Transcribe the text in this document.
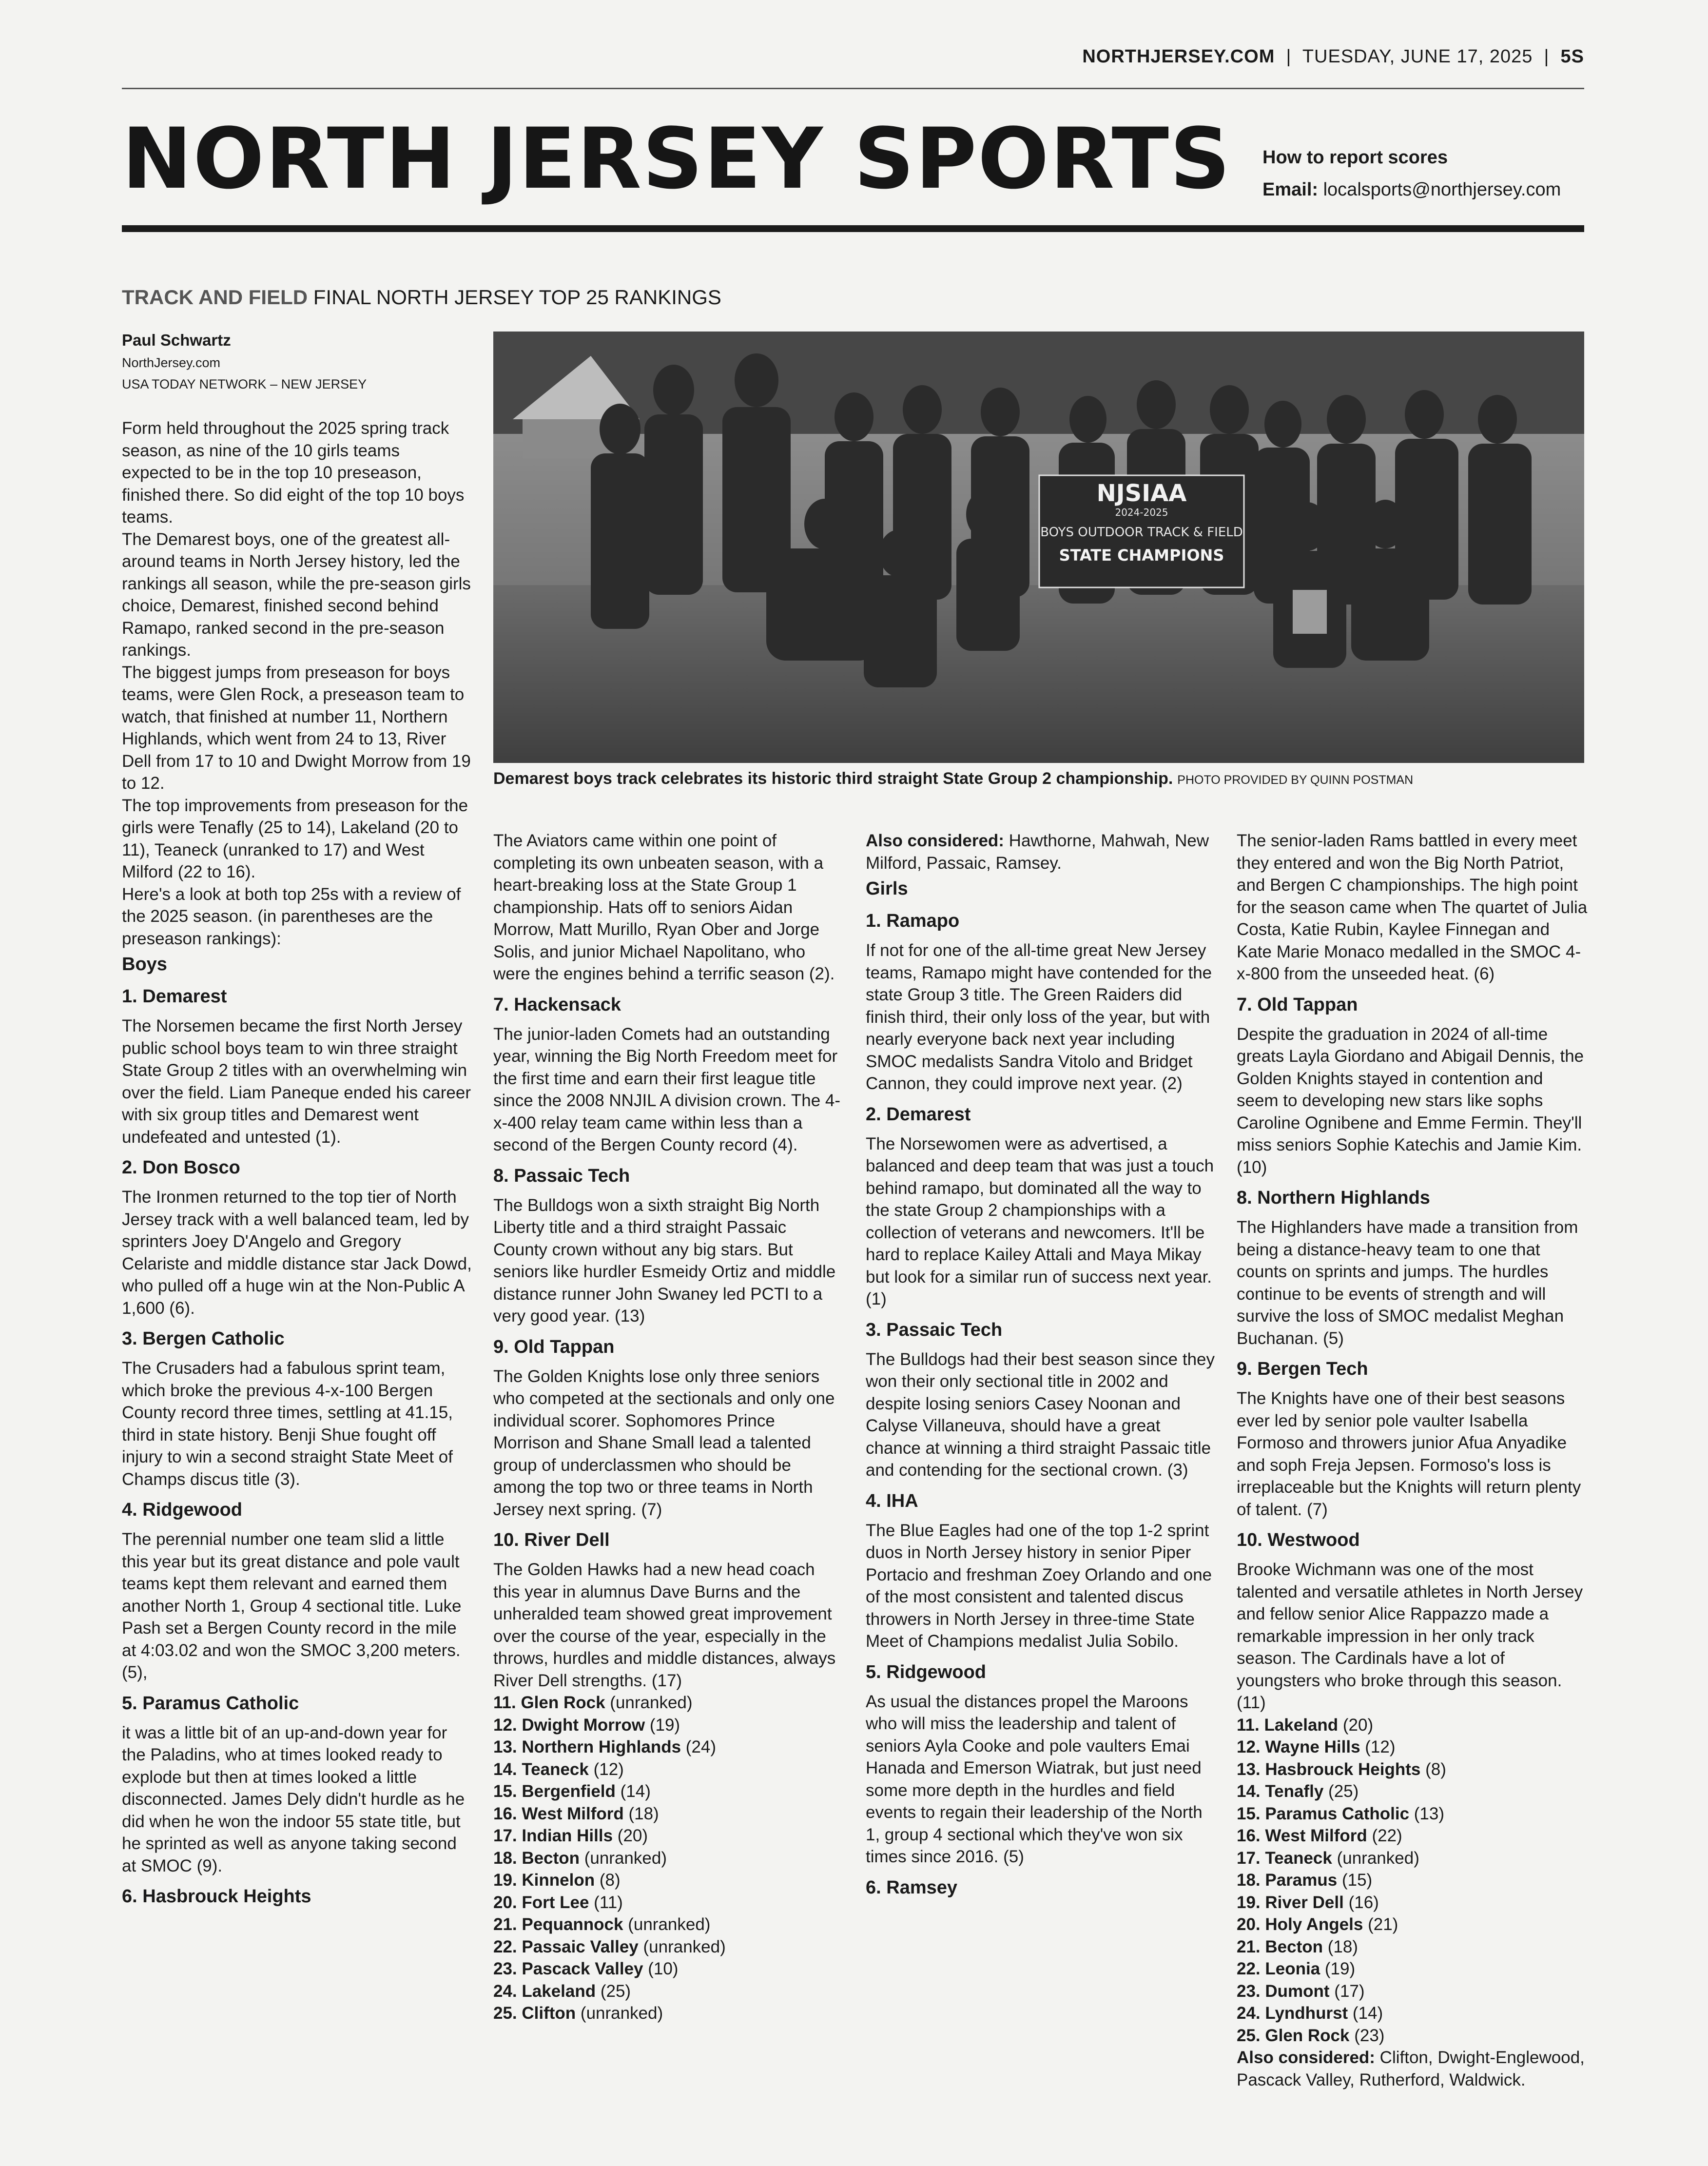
NORTHJERSEY.COM  |  TUESDAY, JUNE 17, 2025  |  5S
NORTH JERSEY SPORTS How to report scores
Email: localsports@northjersey.com
TRACK AND FIELD FINAL NORTH JERSEY TOP 25 RANKINGS
Paul Schwartz
NorthJersey.com
USA TODAY NETWORK – NEW JERSEY
NJSIAA
2024-2025
BOYS OUTDOOR TRACK & FIELD
STATE CHAMPIONS
Demarest boys track celebrates its historic third straight State Group 2 championship. PHOTO PROVIDED BY QUINN POSTMAN

Form held throughout the 2025 spring track season, as nine of the 10 girls teams expected to be in the top 10 preseason, finished there. So did eight of the top 10 boys teams.

The Demarest boys, one of the greatest all-around teams in North Jersey history, led the rankings all season, while the pre-season girls choice, Demarest, finished second behind Ramapo, ranked second in the pre-season rankings.

The biggest jumps from preseason for boys teams, were Glen Rock, a preseason team to watch, that finished at number 11, Northern Highlands, which went from 24 to 13, River Dell from 17 to 10 and Dwight Morrow from 19 to 12.

The top improvements from preseason for the girls were Tenafly (25 to 14), Lakeland (20 to 11), Teaneck (unranked to 17) and West Milford (22 to 16).

Here's a look at both top 25s with a review of the 2025 season. (in parentheses are the preseason rankings):

Boys
1. Demarest

The Norsemen became the first North Jersey public school boys team to win three straight State Group 2 titles with an overwhelming win over the field. Liam Paneque ended his career with six group titles and Demarest went undefeated and untested (1).

2. Don Bosco

The Ironmen returned to the top tier of North Jersey track with a well balanced team, led by sprinters Joey D'Angelo and Gregory Celariste and middle distance star Jack Dowd, who pulled off a huge win at the Non-Public A 1,600 (6).

3. Bergen Catholic

The Crusaders had a fabulous sprint team, which broke the previous 4-x-100 Bergen County record three times, settling at 41.15, third in state history. Benji Shue fought off injury to win a second straight State Meet of Champs discus title (3).

4. Ridgewood

The perennial number one team slid a little this year but its great distance and pole vault teams kept them relevant and earned them another North 1, Group 4 sectional title. Luke Pash set a Bergen County record in the mile at 4:03.02 and won the SMOC 3,200 meters. (5),

5. Paramus Catholic

it was a little bit of an up-and-down year for the Paladins, who at times looked ready to explode but then at times looked a little disconnected. James Dely didn't hurdle as he did when he won the indoor 55 state title, but he sprinted as well as anyone taking second at SMOC (9).

6. Hasbrouck Heights

The Aviators came within one point of completing its own unbeaten season, with a heart-breaking loss at the State Group 1 championship. Hats off to seniors Aidan Morrow, Matt Murillo, Ryan Ober and Jorge Solis, and junior Michael Napolitano, who were the engines behind a terrific season (2).

7. Hackensack

The junior-laden Comets had an outstanding year, winning the Big North Freedom meet for the first time and earn their first league title since the 2008 NNJIL A division crown. The 4-x-400 relay team came within less than a second of the Bergen County record (4).

8. Passaic Tech

The Bulldogs won a sixth straight Big North Liberty title and a third straight Passaic County crown without any big stars. But seniors like hurdler Esmeidy Ortiz and middle distance runner John Swaney led PCTI to a very good year. (13)

9. Old Tappan

The Golden Knights lose only three seniors who competed at the sectionals and only one individual scorer. Sophomores Prince Morrison and Shane Small lead a talented group of underclassmen who should be among the top two or three teams in North Jersey next spring. (7)

10. River Dell

The Golden Hawks had a new head coach this year in alumnus Dave Burns and the unheralded team showed great improvement over the course of the year, especially in the throws, hurdles and middle distances, always River Dell strengths. (17)

11. Glen Rock (unranked)

12. Dwight Morrow (19)

13. Northern Highlands (24)

14. Teaneck (12)

15. Bergenfield (14)

16. West Milford (18)

17. Indian Hills (20)

18. Becton (unranked)

19. Kinnelon (8)

20. Fort Lee (11)

21. Pequannock (unranked)

22. Passaic Valley (unranked)

23. Pascack Valley (10)

24. Lakeland (25)

25. Clifton (unranked)

Also considered: Hawthorne, Mahwah, New Milford, Passaic, Ramsey.

Girls
1. Ramapo

If not for one of the all-time great New Jersey teams, Ramapo might have contended for the state Group 3 title. The Green Raiders did finish third, their only loss of the year, but with nearly everyone back next year including SMOC medalists Sandra Vitolo and Bridget Cannon, they could improve next year. (2)

2. Demarest

The Norsewomen were as advertised, a balanced and deep team that was just a touch behind ramapo, but dominated all the way to the state Group 2 championships with a collection of veterans and newcomers. It'll be hard to replace Kailey Attali and Maya Mikay but look for a similar run of success next year. (1)

3. Passaic Tech

The Bulldogs had their best season since they won their only sectional title in 2002 and despite losing seniors Casey Noonan and Calyse Villaneuva, should have a great chance at winning a third straight Passaic title and contending for the sectional crown. (3)

4. IHA

The Blue Eagles had one of the top 1-2 sprint duos in North Jersey history in senior Piper Portacio and freshman Zoey Orlando and one of the most consistent and talented discus throwers in North Jersey in three-time State Meet of Champions medalist Julia Sobilo.

5. Ridgewood

As usual the distances propel the Maroons who will miss the leadership and talent of seniors Ayla Cooke and pole vaulters Emai Hanada and Emerson Wiatrak, but just need some more depth in the hurdles and field events to regain their leadership of the North 1, group 4 sectional which they've won six times since 2016. (5)

6. Ramsey

The senior-laden Rams battled in every meet they entered and won the Big North Patriot, and Bergen C championships. The high point for the season came when The quartet of Julia Costa, Katie Rubin, Kaylee Finnegan and Kate Marie Monaco medalled in the SMOC 4-x-800 from the unseeded heat. (6)

7. Old Tappan

Despite the graduation in 2024 of all-time greats Layla Giordano and Abigail Dennis, the Golden Knights stayed in contention and seem to developing new stars like sophs Caroline Ognibene and Emme Fermin. They'll miss seniors Sophie Katechis and Jamie Kim. (10)

8. Northern Highlands

The Highlanders have made a transition from being a distance-heavy team to one that counts on sprints and jumps. The hurdles continue to be events of strength and will survive the loss of SMOC medalist Meghan Buchanan. (5)

9. Bergen Tech

The Knights have one of their best seasons ever led by senior pole vaulter Isabella Formoso and throwers junior Afua Anyadike and soph Freja Jepsen. Formoso's loss is irreplaceable but the Knights will return plenty of talent. (7)

10. Westwood

Brooke Wichmann was one of the most talented and versatile athletes in North Jersey and fellow senior Alice Rappazzo made a remarkable impression in her only track season. The Cardinals have a lot of youngsters who broke through this season. (11)

11. Lakeland (20)

12. Wayne Hills (12)

13. Hasbrouck Heights (8)

14. Tenafly (25)

15. Paramus Catholic (13)

16. West Milford (22)

17. Teaneck (unranked)

18. Paramus (15)

19. River Dell (16)

20. Holy Angels (21)

21. Becton (18)

22. Leonia (19)

23. Dumont (17)

24. Lyndhurst (14)

25. Glen Rock (23)

Also considered: Clifton, Dwight-Englewood, Pascack Valley, Rutherford, Waldwick.
